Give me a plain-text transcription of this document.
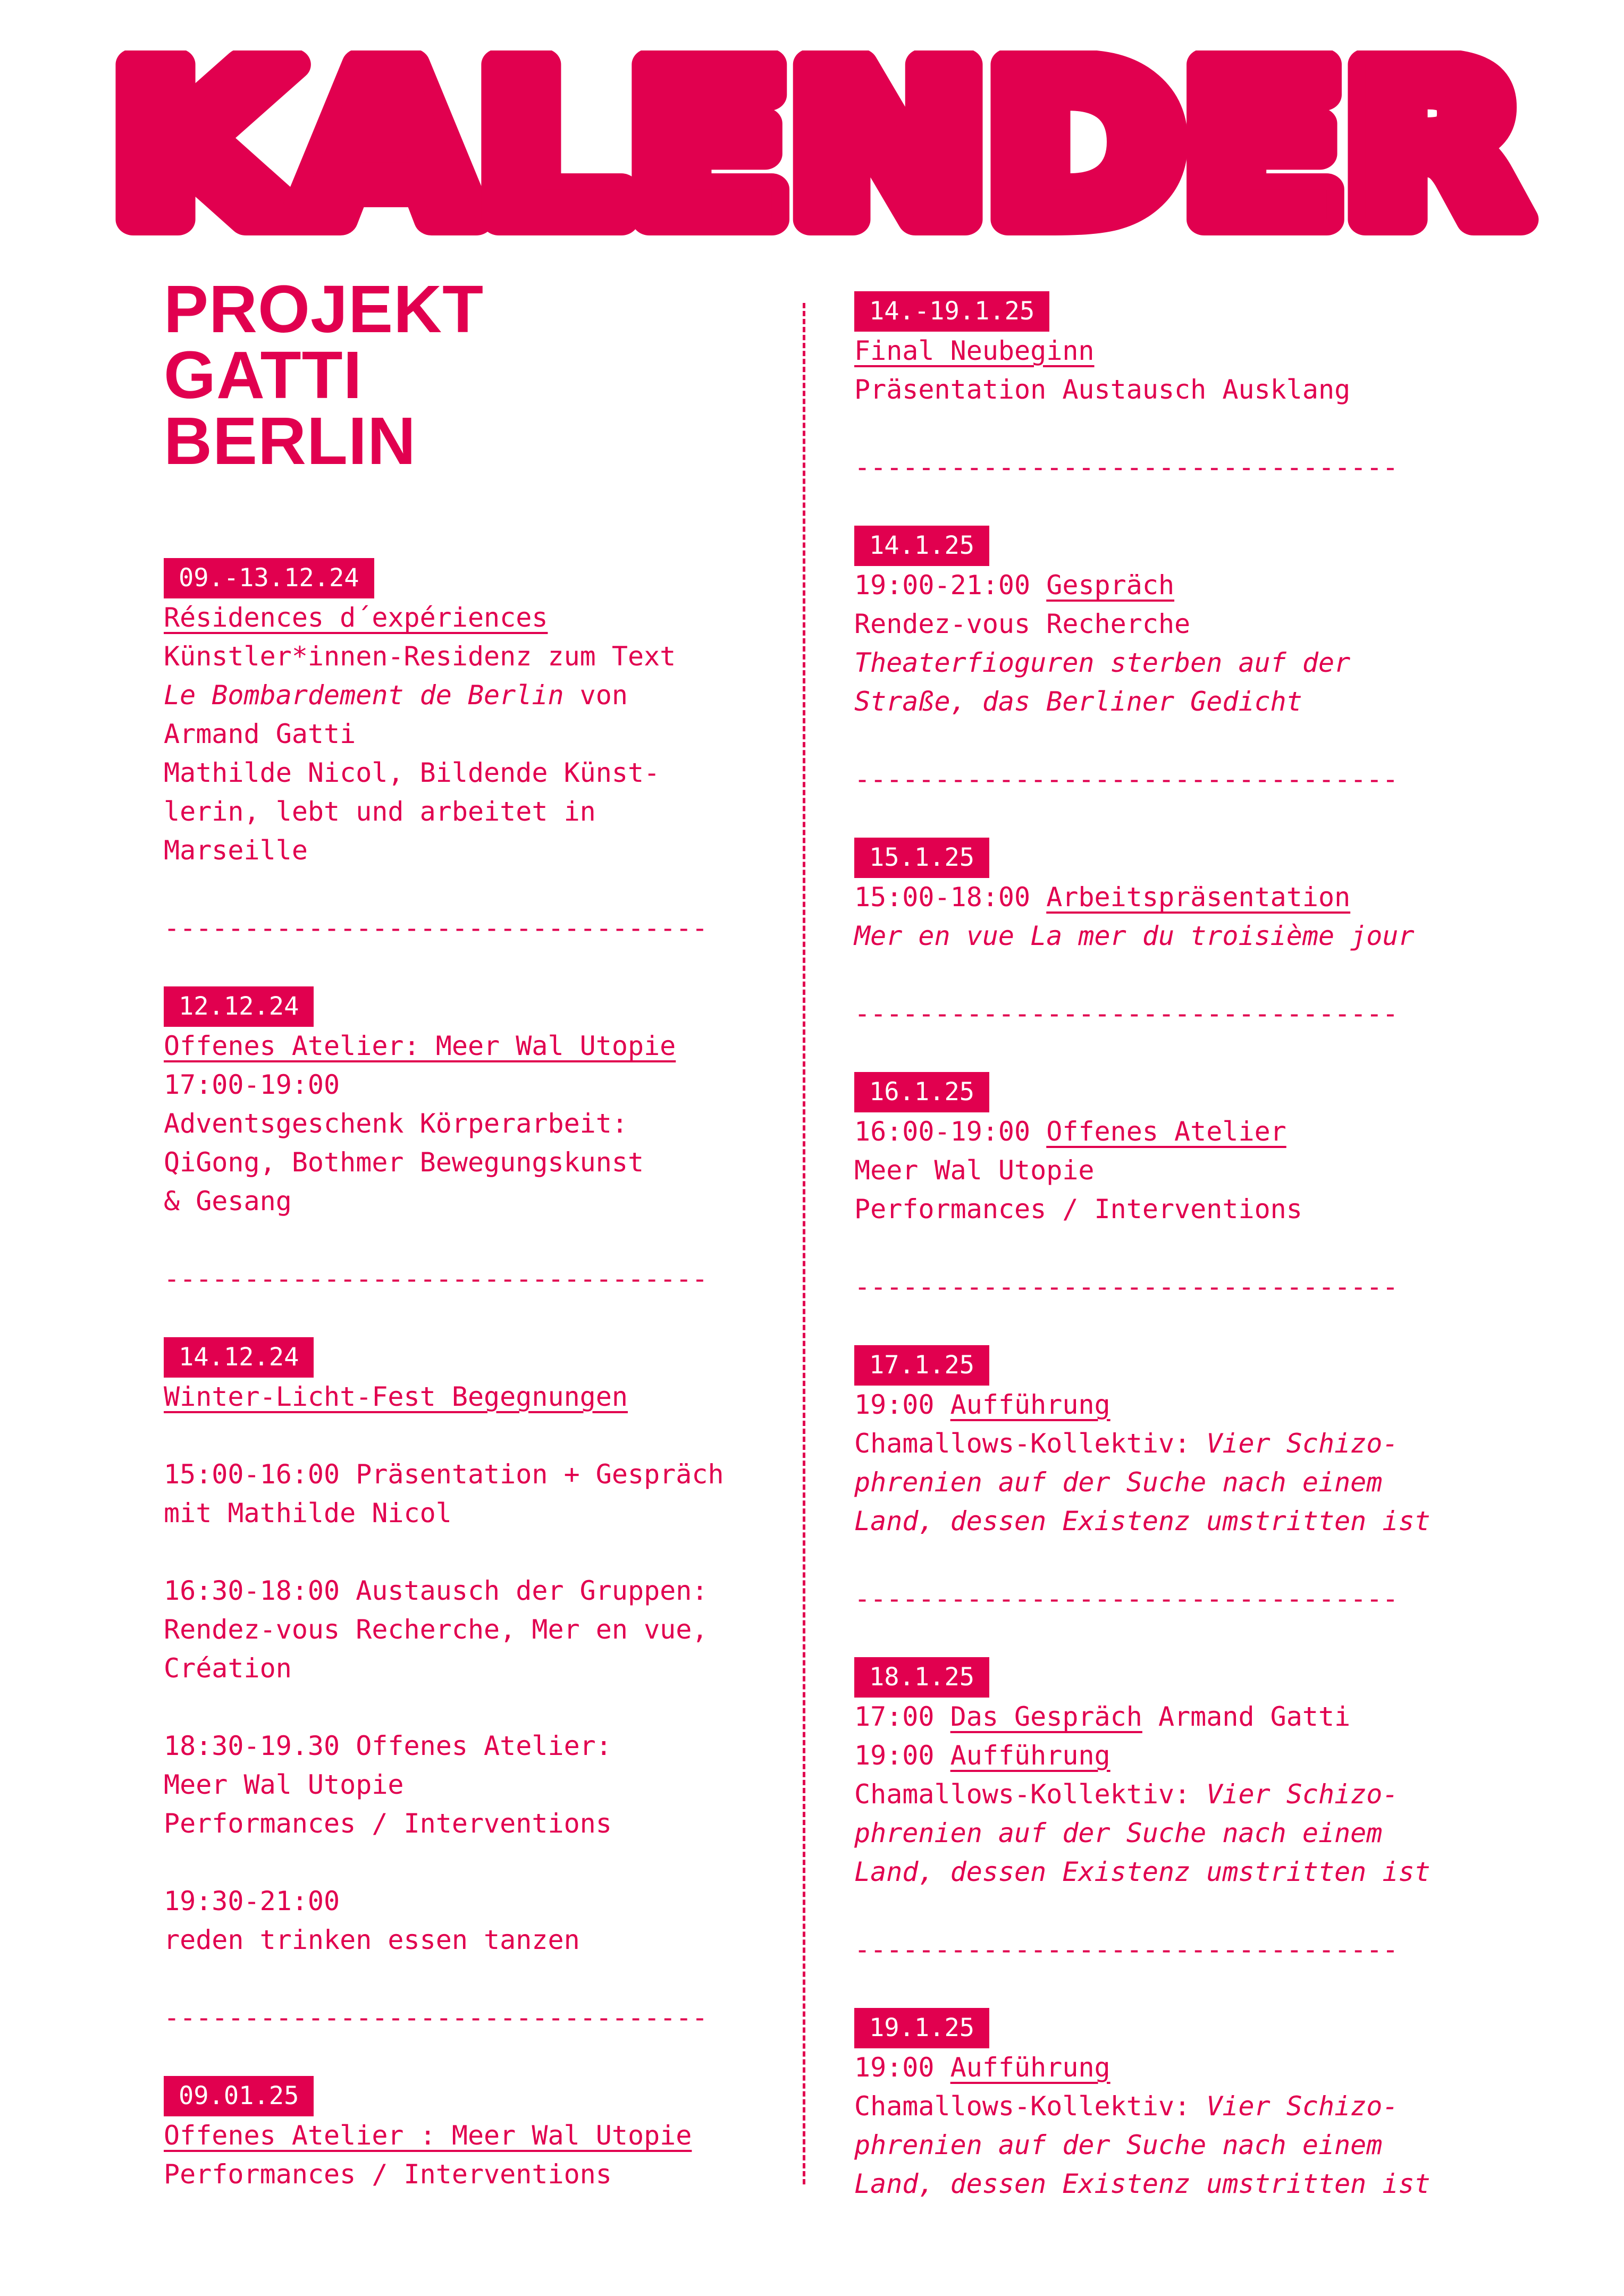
KALENDER
PROJEKT
GATTI
BERLIN
09.-13.12.24

Résidences d´expériences

Künstler*innen-Residenz zum Text

Le Bombardement de Berlin von

Armand Gatti

Mathilde Nicol, Bildende Künst-

lerin, lebt und arbeitet in

Marseille

----------------------------------

12.12.24

Offenes Atelier: Meer Wal Utopie

17:00-19:00

Adventsgeschenk Körperarbeit:

QiGong, Bothmer Bewegungskunst

& Gesang

----------------------------------

14.12.24

Winter-Licht-Fest Begegnungen

15:00-16:00 Präsentation + Gespräch

mit Mathilde Nicol

16:30-18:00 Austausch der Gruppen:

Rendez-vous Recherche, Mer en vue,

Création

18:30-19.30 Offenes Atelier:

Meer Wal Utopie

Performances / Interventions

19:30-21:00

reden trinken essen tanzen

----------------------------------

09.01.25

Offenes Atelier : Meer Wal Utopie

Performances / Interventions

14.-19.1.25

Final Neubeginn

Präsentation Austausch Ausklang

----------------------------------

14.1.25

19:00-21:00 Gespräch

Rendez-vous Recherche

Theaterfioguren sterben auf der

Straße, das Berliner Gedicht

----------------------------------

15.1.25

15:00-18:00 Arbeitspräsentation

Mer en vue La mer du troisième jour

----------------------------------

16.1.25

16:00-19:00 Offenes Atelier

Meer Wal Utopie

Performances / Interventions

----------------------------------

17.1.25

19:00 Aufführung

Chamallows-Kollektiv: Vier Schizo-

phrenien auf der Suche nach einem

Land, dessen Existenz umstritten ist

----------------------------------

18.1.25

17:00 Das Gespräch Armand Gatti

19:00 Aufführung

Chamallows-Kollektiv: Vier Schizo-

phrenien auf der Suche nach einem

Land, dessen Existenz umstritten ist

----------------------------------

19.1.25

19:00 Aufführung

Chamallows-Kollektiv: Vier Schizo-

phrenien auf der Suche nach einem

Land, dessen Existenz umstritten ist
